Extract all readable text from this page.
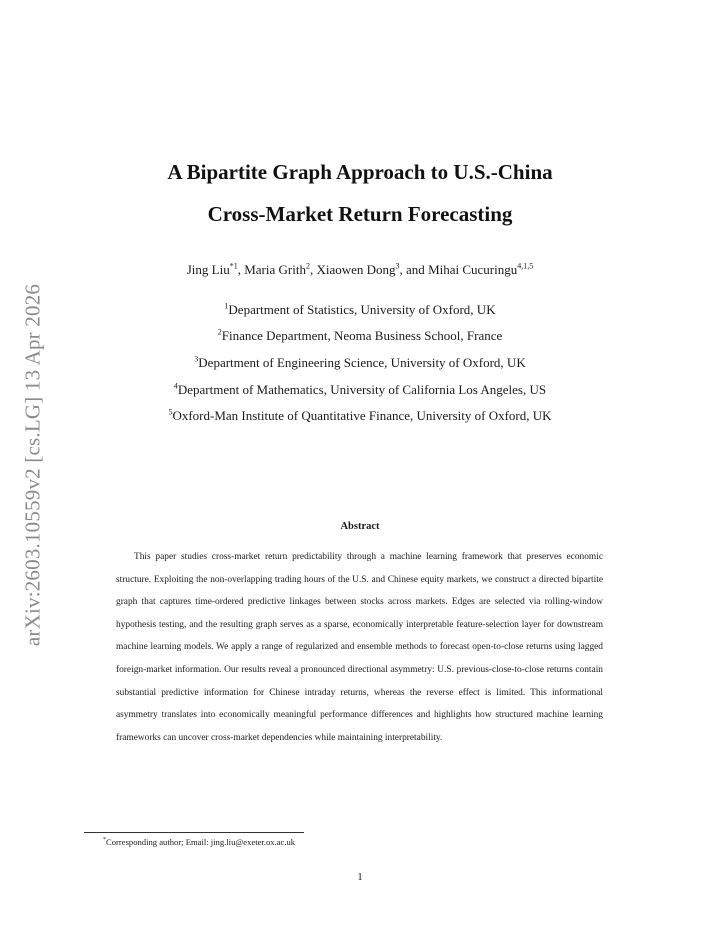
arXiv:2603.10559v2 [cs.LG] 13 Apr 2026
A Bipartite Graph Approach to U.S.-China
Cross-Market Return Forecasting
Jing Liu$^{*1}$, Maria Grith$^2$, Xiaowen Dong$^3$, and Mihai Cucuringu$^{4,1,5}$
$^1$Department of Statistics, University of Oxford, UK
$^2$Finance Department, Neoma Business School, France
$^3$Department of Engineering Science, University of Oxford, UK
$^4$Department of Mathematics, University of California Los Angeles, US
$^5$Oxford-Man Institute of Quantitative Finance, University of Oxford, UK
Abstract
This paper studies cross-market return predictability through a machine learning framework that preserves economic structure. Exploiting the non-overlapping trading hours of the U.S. and Chinese equity markets, we construct a directed bipartite graph that captures time-ordered predictive linkages between stocks across markets. Edges are selected via rolling-window hypothesis testing, and the resulting graph serves as a sparse, economically interpretable feature-selection layer for downstream machine learning models. We apply a range of regularized and ensemble methods to forecast open-to-close returns using lagged foreign-market information. Our results reveal a pronounced directional asymmetry: U.S. previous-close-to-close returns contain substantial predictive information for Chinese intraday returns, whereas the reverse effect is limited. This informational asymmetry translates into economically meaningful performance differences and highlights how structured machine learning frameworks can uncover cross-market dependencies while maintaining interpretability.
*Corresponding author; Email: jing.liu@exeter.ox.ac.uk
1
